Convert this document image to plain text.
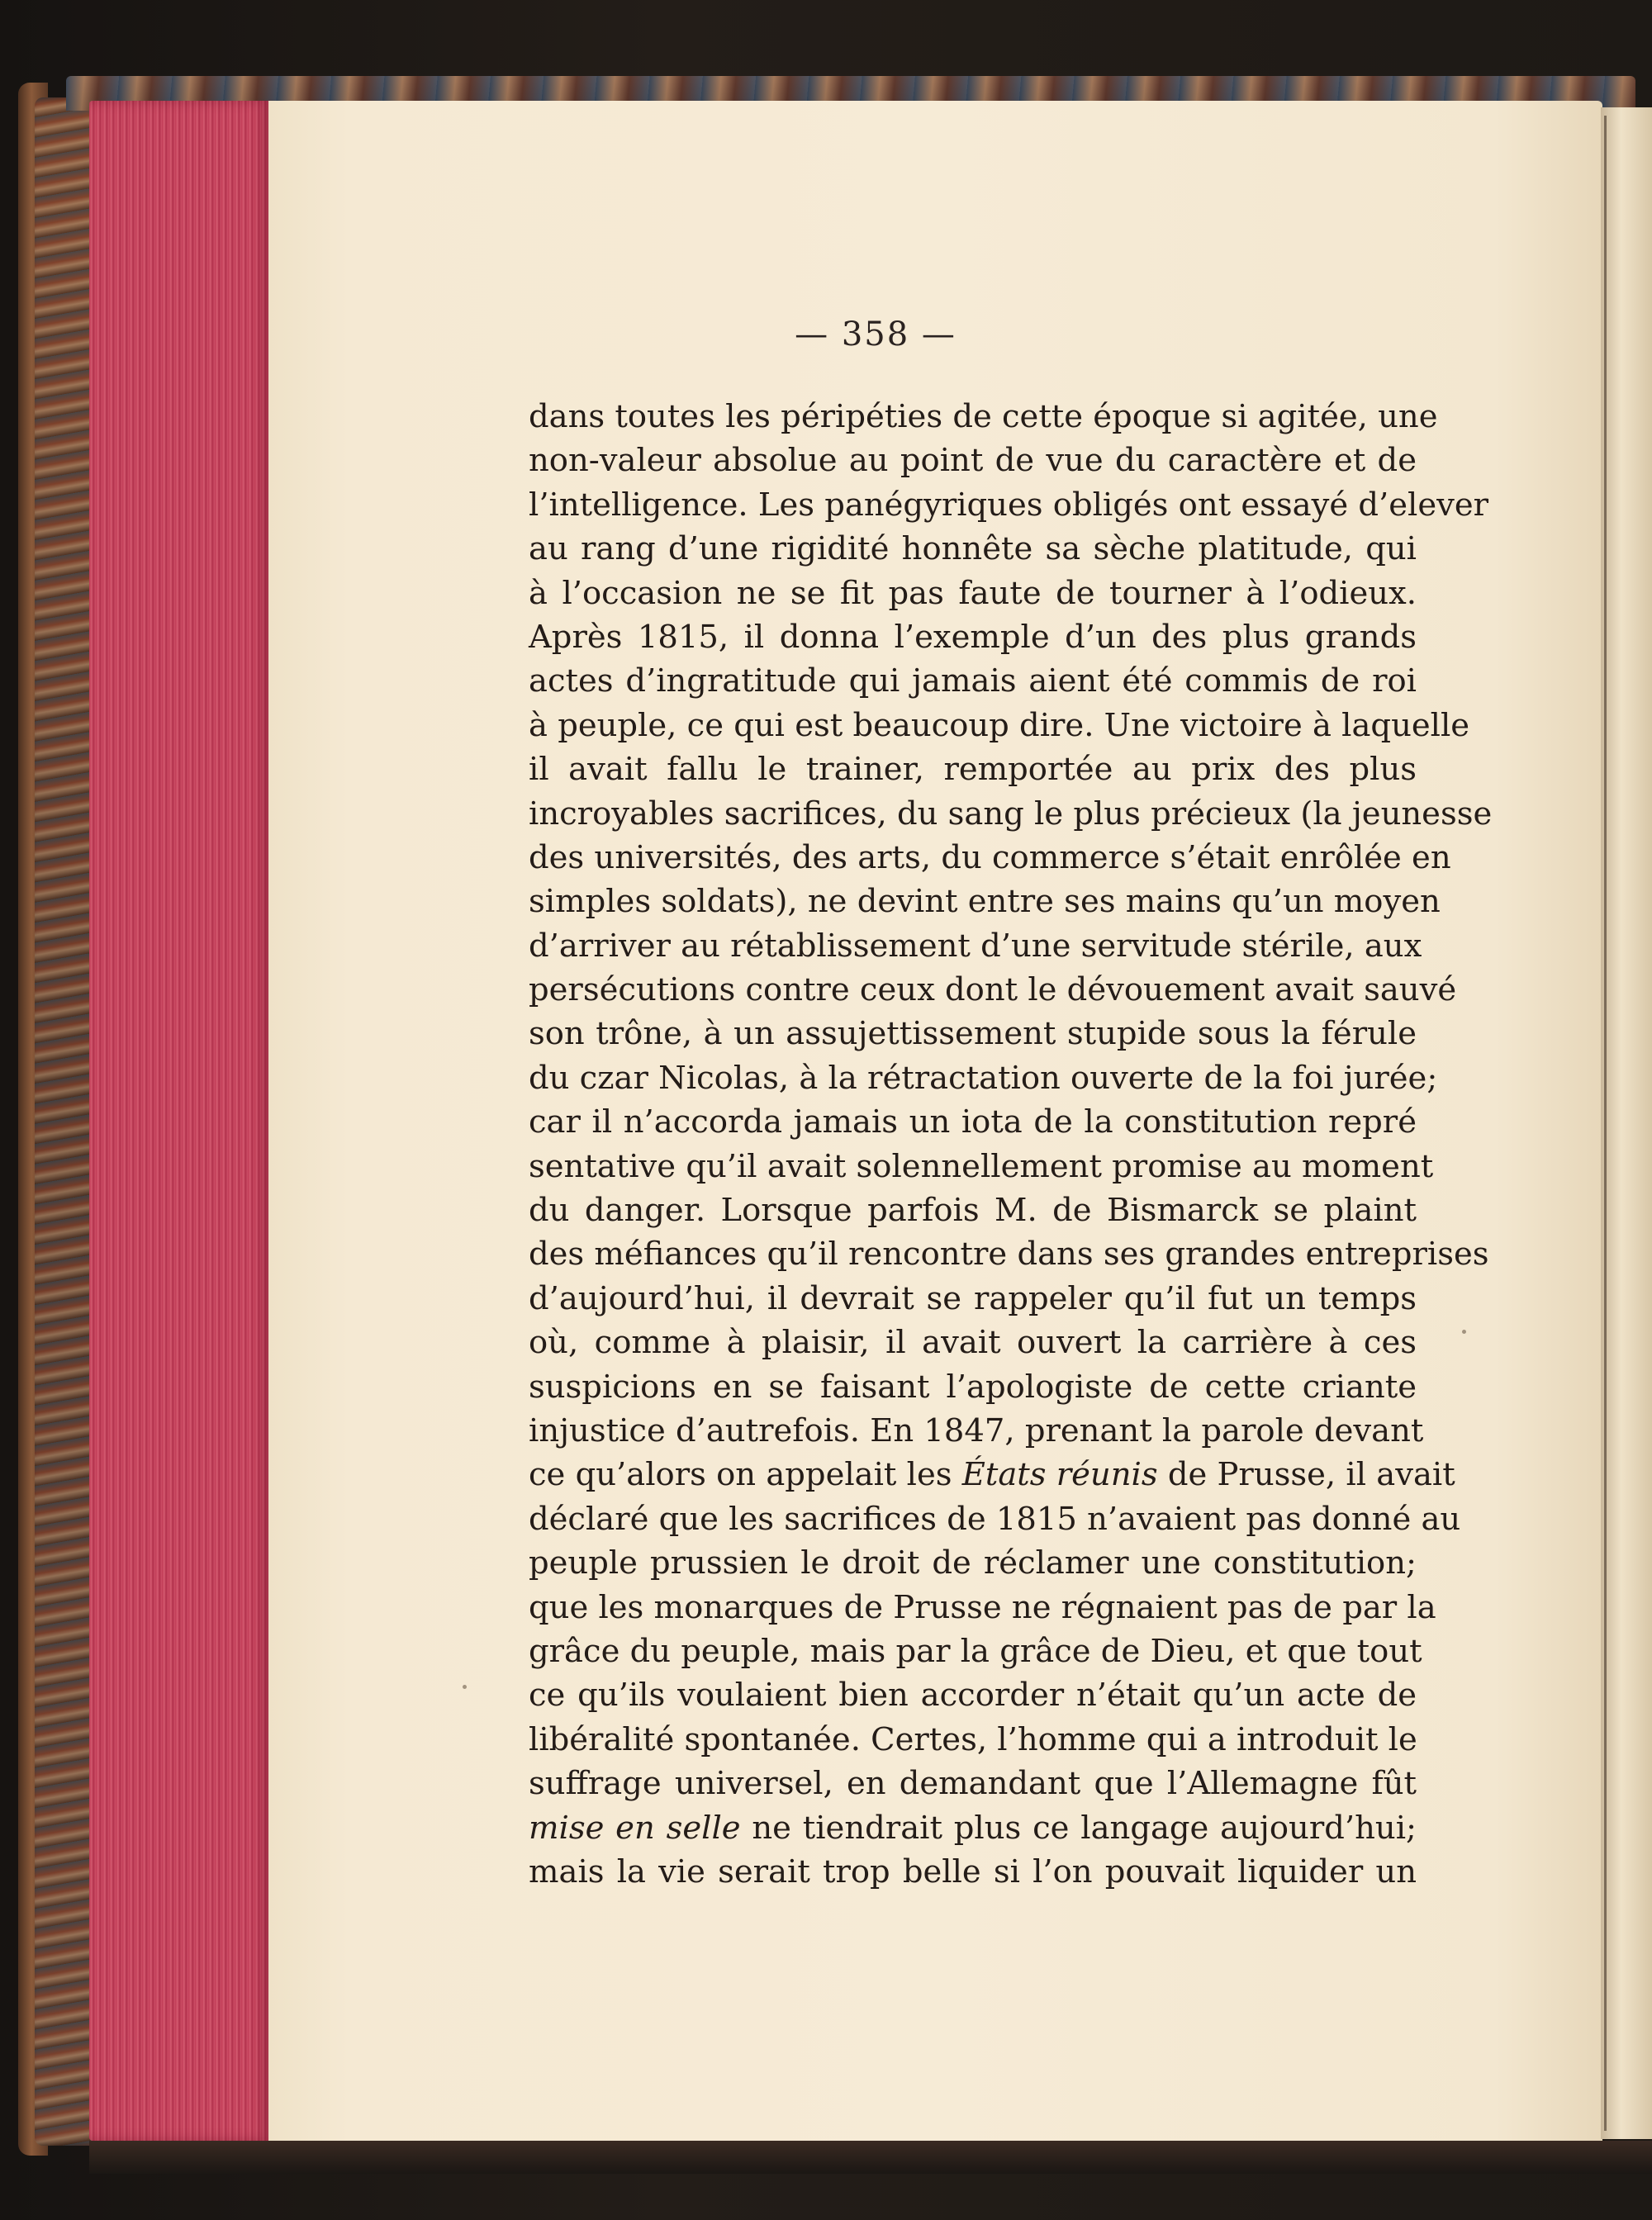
— 358 —
dans toutes les péripéties de cette époque si agitée, une
non-valeur absolue au point de vue du caractère et de
l’intelligence. Les panégyriques obligés ont essayé d’elever
au rang d’une rigidité honnête sa sèche platitude, qui
à l’occasion ne se fit pas faute de tourner à l’odieux.
Après 1815, il donna l’exemple d’un des plus grands
actes d’ingratitude qui jamais aient été commis de roi
à peuple, ce qui est beaucoup dire. Une victoire à laquelle
il avait fallu le trainer, remportée au prix des plus
incroyables sacrifices, du sang le plus précieux (la jeunesse
des universités, des arts, du commerce s’était enrôlée en
simples soldats), ne devint entre ses mains qu’un moyen
d’arriver au rétablissement d’une servitude stérile, aux
persécutions contre ceux dont le dévouement avait sauvé
son trône, à un assujettissement stupide sous la férule
du czar Nicolas, à la rétractation ouverte de la foi jurée;
car il n’accorda jamais un iota de la constitution repré
sentative qu’il avait solennellement promise au moment
du danger. Lorsque parfois M. de Bismarck se plaint
des méfiances qu’il rencontre dans ses grandes entreprises
d’aujourd’hui, il devrait se rappeler qu’il fut un temps
où, comme à plaisir, il avait ouvert la carrière à ces
suspicions en se faisant l’apologiste de cette criante
injustice d’autrefois. En 1847, prenant la parole devant
ce qu’alors on appelait les États réunis de Prusse, il avait
déclaré que les sacrifices de 1815 n’avaient pas donné au
peuple prussien le droit de réclamer une constitution;
que les monarques de Prusse ne régnaient pas de par la
grâce du peuple, mais par la grâce de Dieu, et que tout
ce qu’ils voulaient bien accorder n’était qu’un acte de
libéralité spontanée. Certes, l’homme qui a introduit le
suffrage universel, en demandant que l’Allemagne fût
mise en selle ne tiendrait plus ce langage aujourd’hui;
mais la vie serait trop belle si l’on pouvait liquider un
